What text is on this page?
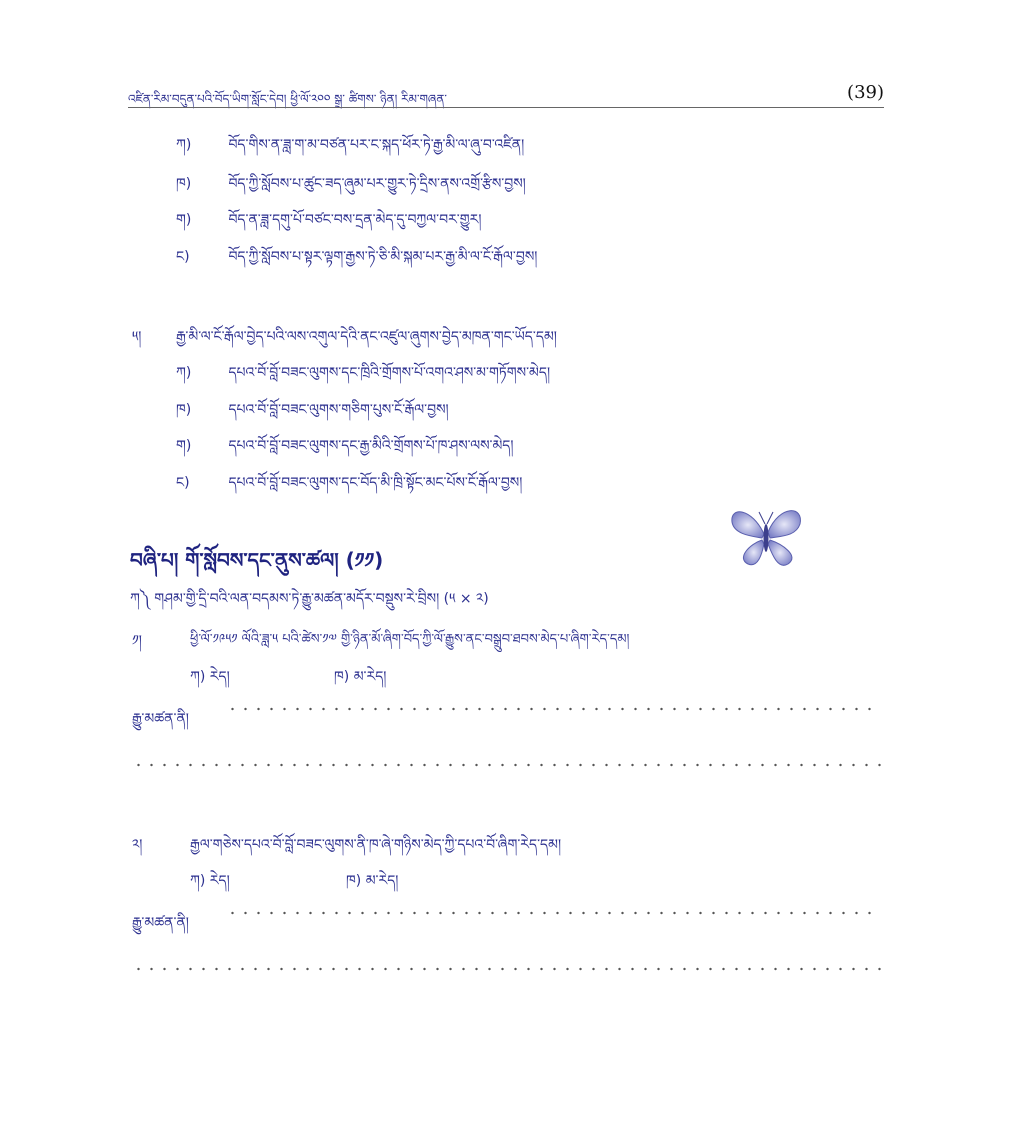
འཛིན་རིམ་བདུན་པའི་བོད་ཡིག་སློང་དེབ། ཕྱི་ལོ་༢༠༠ སྒྲ་ ཚིགས་ ཉིན། རིམ་གཞན་	(39)
ཀ)	བོད་གིས་ན་ཟླ་ག་མ་བཙན་པར་ང་སྐད་ཕོར་ཏེ་རྒྱ་མི་ལ་ཞུ་བ་འཛིན།
ཁ)	བོད་ཀྱི་སློབས་པ་ཚུང་ཟད་ཞུམ་པར་གྱུར་ཏེ་དྲིས་ནས་འགྲོ་རྩིས་བྱས།
ག)	བོད་ན་ཟླ་དགུ་པོ་བཙང་བས་དྲན་མེད་དུ་བཀྱལ་བར་གྱུར།
ང)	བོད་ཀྱི་སློབས་པ་སྟར་ལྟག་རྒྱས་ཏེ་ཅི་མི་སྐམ་པར་རྒྱ་མི་ལ་ངོ་རྒོལ་བྱས།
༥། རྒྱ་མི་ལ་ངོ་རྒོལ་བྱེད་པའི་ལས་འགུལ་དེའི་ནང་འཛུལ་ཞུགས་བྱེད་མཁན་གང་ཡོད་དམ།
ཀ)	དཔའ་བོ་བློ་བཟང་ལུགས་དང་ཁྲིའི་གྲོགས་པོ་འགའ་ཤས་མ་གཏོགས་མེད།
ཁ)	དཔའ་བོ་བློ་བཟང་ལུགས་གཅིག་པུས་ངོ་རྒོལ་བྱས།
ག)	དཔའ་བོ་བློ་བཟང་ལུགས་དང་རྒྱ་མིའི་གྲོགས་པོ་ཁ་ཤས་ལས་མེད།
ང)	དཔའ་བོ་བློ་བཟང་ལུགས་དང་བོད་མི་ཁྲི་སྟོང་མང་པོས་ངོ་རྒོལ་བྱས།
བཞི་པ། གོ་སློབས་དང་ནུས་ཚལ། (༡༡)
ཀ༽ གཤམ་གྱི་དྲི་བའི་ལན་བདམས་ཏེ་རྒྱུ་མཚན་མདོར་བསྡུས་རེ་བྲིས། (༥ × ༢)
༡།	ཕྱི་ལོ་༡༩༥༡ ལོའི་ཟླ་༥ པའི་ཚེས་༡༧ གྱི་ཉིན་མོ་ཞིག་བོད་ཀྱི་ལོ་རྒྱུས་ནང་བསྒྲུབ་ཐབས་མེད་པ་ཞིག་རེད་དམ།
ཀ) རེད།	ཁ) མ་རེད།
རྒྱུ་མཚན་ནི།
༢།	རྒྱལ་གཅེས་དཔའ་བོ་བློ་བཟང་ལུགས་ནི་ཁ་ཞེ་གཉིས་མེད་ཀྱི་དཔའ་བོ་ཞིག་རེད་དམ།
ཀ) རེད།	ཁ) མ་རེད།
རྒྱུ་མཚན་ནི།
